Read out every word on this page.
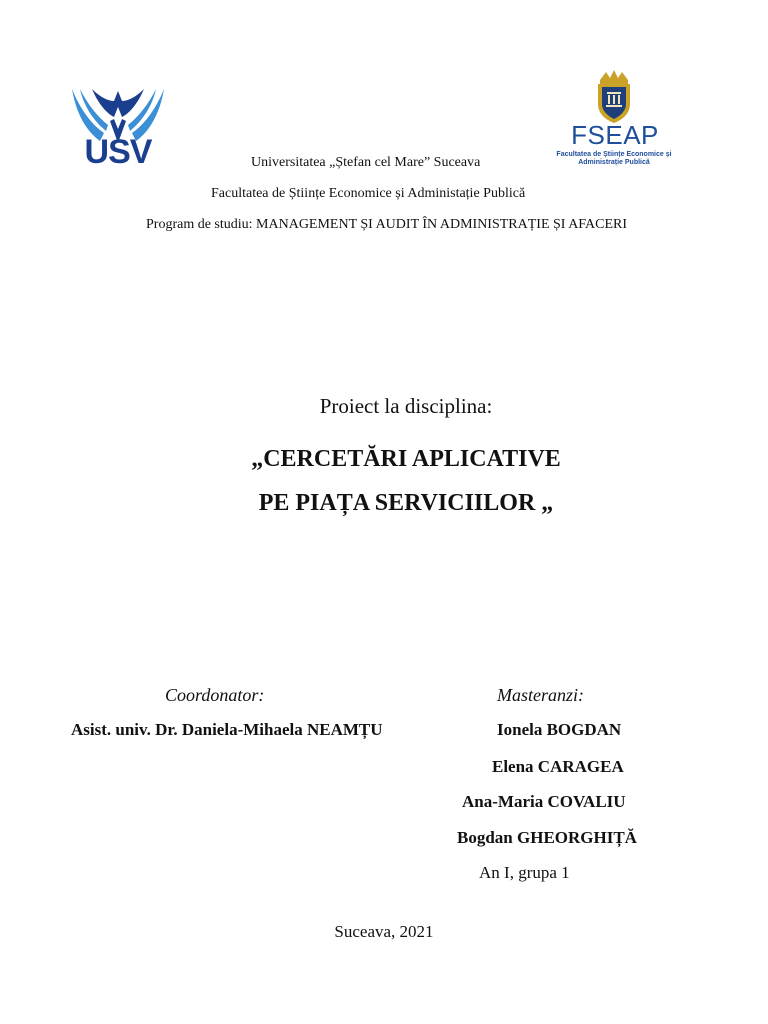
USV	FSEAP
Facultatea de Științe Economice și Administrație Publică
Universitatea „Ștefan cel Mare” Suceava
Facultatea de Științe Economice și Administație Publică
Program de studiu: MANAGEMENT ȘI AUDIT ÎN ADMINISTRAȚIE ȘI AFACERI
Proiect la disciplina:
„CERCETĂRI APLICATIVE
PE PIAȚA SERVICIILOR „
Coordonator:	Masteranzi:
Asist. univ. Dr. Daniela-Mihaela NEAMȚU	Ionela BOGDAN
Elena CARAGEA
Ana-Maria COVALIU
Bogdan GHEORGHIȚĂ
An I, grupa 1
Suceava, 2021
